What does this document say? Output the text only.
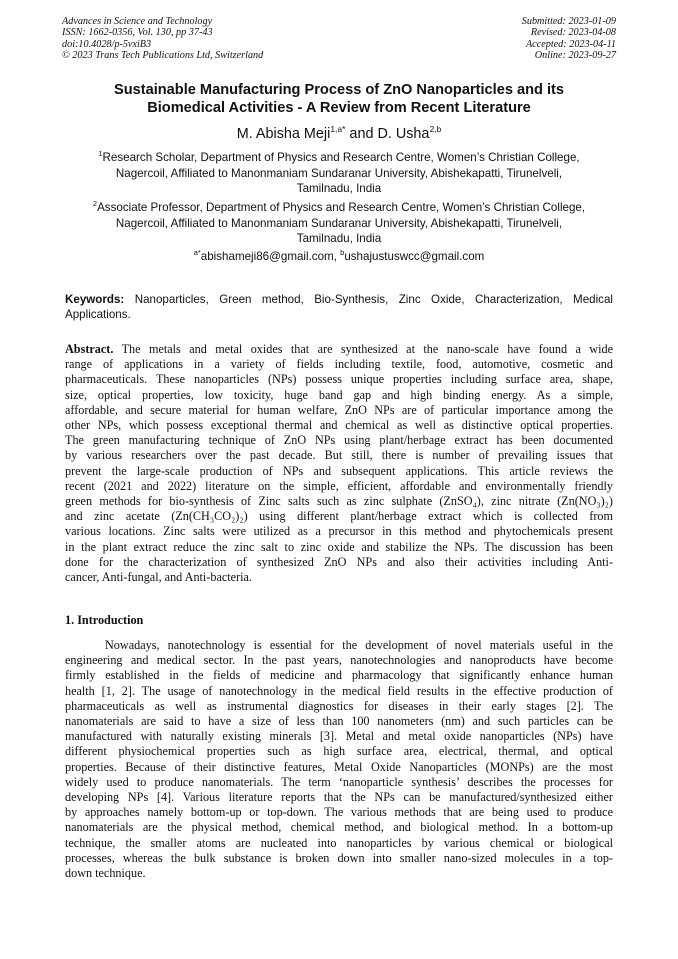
Advances in Science and Technology
ISSN: 1662-0356, Vol. 130, pp 37-43
doi:10.4028/p-5vxiB3
© 2023 Trans Tech Publications Ltd, Switzerland
Submitted: 2023-01-09
Revised: 2023-04-08
Accepted: 2023-04-11
Online: 2023-09-27
Sustainable Manufacturing Process of ZnO Nanoparticles and its
Biomedical Activities - A Review from Recent Literature
M. Abisha Meji$^{1,a*}$ and D. Usha$^{2,b}$
$^1$Research Scholar, Department of Physics and Research Centre, Women’s Christian College,
Nagercoil, Affiliated to Manonmaniam Sundaranar University, Abishekapatti, Tirunelveli,
Tamilnadu, India
$^2$Associate Professor, Department of Physics and Research Centre, Women’s Christian College,
Nagercoil, Affiliated to Manonmaniam Sundaranar University, Abishekapatti, Tirunelveli,
Tamilnadu, India
$^{a*}$abishameji86@gmail.com, $^b$ushajustuswcc@gmail.com
Keywords: Nanoparticles, Green method, Bio-Synthesis, Zinc Oxide, Characterization, Medical Applications.
Abstract. The metals and metal oxides that are synthesized at the nano-scale have found a wide
range of applications in a variety of fields including textile, food, automotive, cosmetic and
pharmaceuticals. These nanoparticles (NPs) possess unique properties including surface area, shape,
size, optical properties, low toxicity, huge band gap and high binding energy. As a simple,
affordable, and secure material for human welfare, ZnO NPs are of particular importance among the
other NPs, which possess exceptional thermal and chemical as well as distinctive optical properties.
The green manufacturing technique of ZnO NPs using plant/herbage extract has been documented
by various researchers over the past decade. But still, there is number of prevailing issues that
prevent the large-scale production of NPs and subsequent applications. This article reviews the
recent (2021 and 2022) literature on the simple, efficient, affordable and environmentally friendly
green methods for bio-synthesis of Zinc salts such as zinc sulphate (ZnSO₄), zinc nitrate (Zn(NO₃)₂)
and zinc acetate (Zn(CH₃CO₂)₂) using different plant/herbage extract which is collected from
various locations. Zinc salts were utilized as a precursor in this method and phytochemicals present
in the plant extract reduce the zinc salt to zinc oxide and stabilize the NPs. The discussion has been
done for the characterization of synthesized ZnO NPs and also their activities including Anti-
cancer, Anti-fungal, and Anti-bacteria.
1. Introduction
Nowadays, nanotechnology is essential for the development of novel materials useful in the
engineering and medical sector. In the past years, nanotechnologies and nanoproducts have become
firmly established in the fields of medicine and pharmacology that significantly enhance human
health [1, 2]. The usage of nanotechnology in the medical field results in the effective production of
pharmaceuticals as well as instrumental diagnostics for diseases in their early stages [2]. The
nanomaterials are said to have a size of less than 100 nanometers (nm) and such particles can be
manufactured with naturally existing minerals [3]. Metal and metal oxide nanoparticles (NPs) have
different physiochemical properties such as high surface area, electrical, thermal, and optical
properties. Because of their distinctive features, Metal Oxide Nanoparticles (MONPs) are the most
widely used to produce nanomaterials. The term ‘nanoparticle synthesis’ describes the processes for
developing NPs [4]. Various literature reports that the NPs can be manufactured/synthesized either
by approaches namely bottom-up or top-down. The various methods that are being used to produce
nanomaterials are the physical method, chemical method, and biological method. In a bottom-up
technique, the smaller atoms are nucleated into nanoparticles by various chemical or biological
processes, whereas the bulk substance is broken down into smaller nano-sized molecules in a top-
down technique.
